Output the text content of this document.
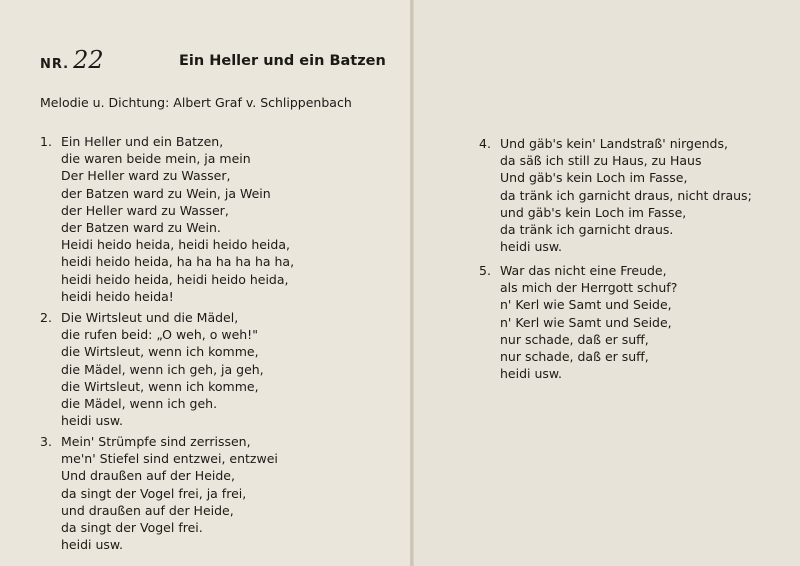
NR. 22	Ein Heller und ein Batzen
Melodie u. Dichtung: Albert Graf v. Schlippenbach
1. Ein Heller und ein Batzen,
die waren beide mein, ja mein
Der Heller ward zu Wasser,
der Batzen ward zu Wein, ja Wein
der Heller ward zu Wasser,
der Batzen ward zu Wein.
Heidi heido heida, heidi heido heida,
heidi heido heida, ha ha ha ha ha ha,
heidi heido heida, heidi heido heida,
heidi heido heida!
2. Die Wirtsleut und die Mädel,
die rufen beid: „O weh, o weh!"
die Wirtsleut, wenn ich komme,
die Mädel, wenn ich geh, ja geh,
die Wirtsleut, wenn ich komme,
die Mädel, wenn ich geh.
heidi usw.
3. Mein' Strümpfe sind zerrissen,
me'n' Stiefel sind entzwei, entzwei
Und draußen auf der Heide,
da singt der Vogel frei, ja frei,
und draußen auf der Heide,
da singt der Vogel frei.
heidi usw.
4. Und gäb's kein' Landstraß' nirgends,
da säß ich still zu Haus, zu Haus
Und gäb's kein Loch im Fasse,
da tränk ich garnicht draus, nicht draus;
und gäb's kein Loch im Fasse,
da tränk ich garnicht draus.
heidi usw.
5. War das nicht eine Freude,
als mich der Herrgott schuf?
n' Kerl wie Samt und Seide,
n' Kerl wie Samt und Seide,
nur schade, daß er suff,
nur schade, daß er suff,
heidi usw.
